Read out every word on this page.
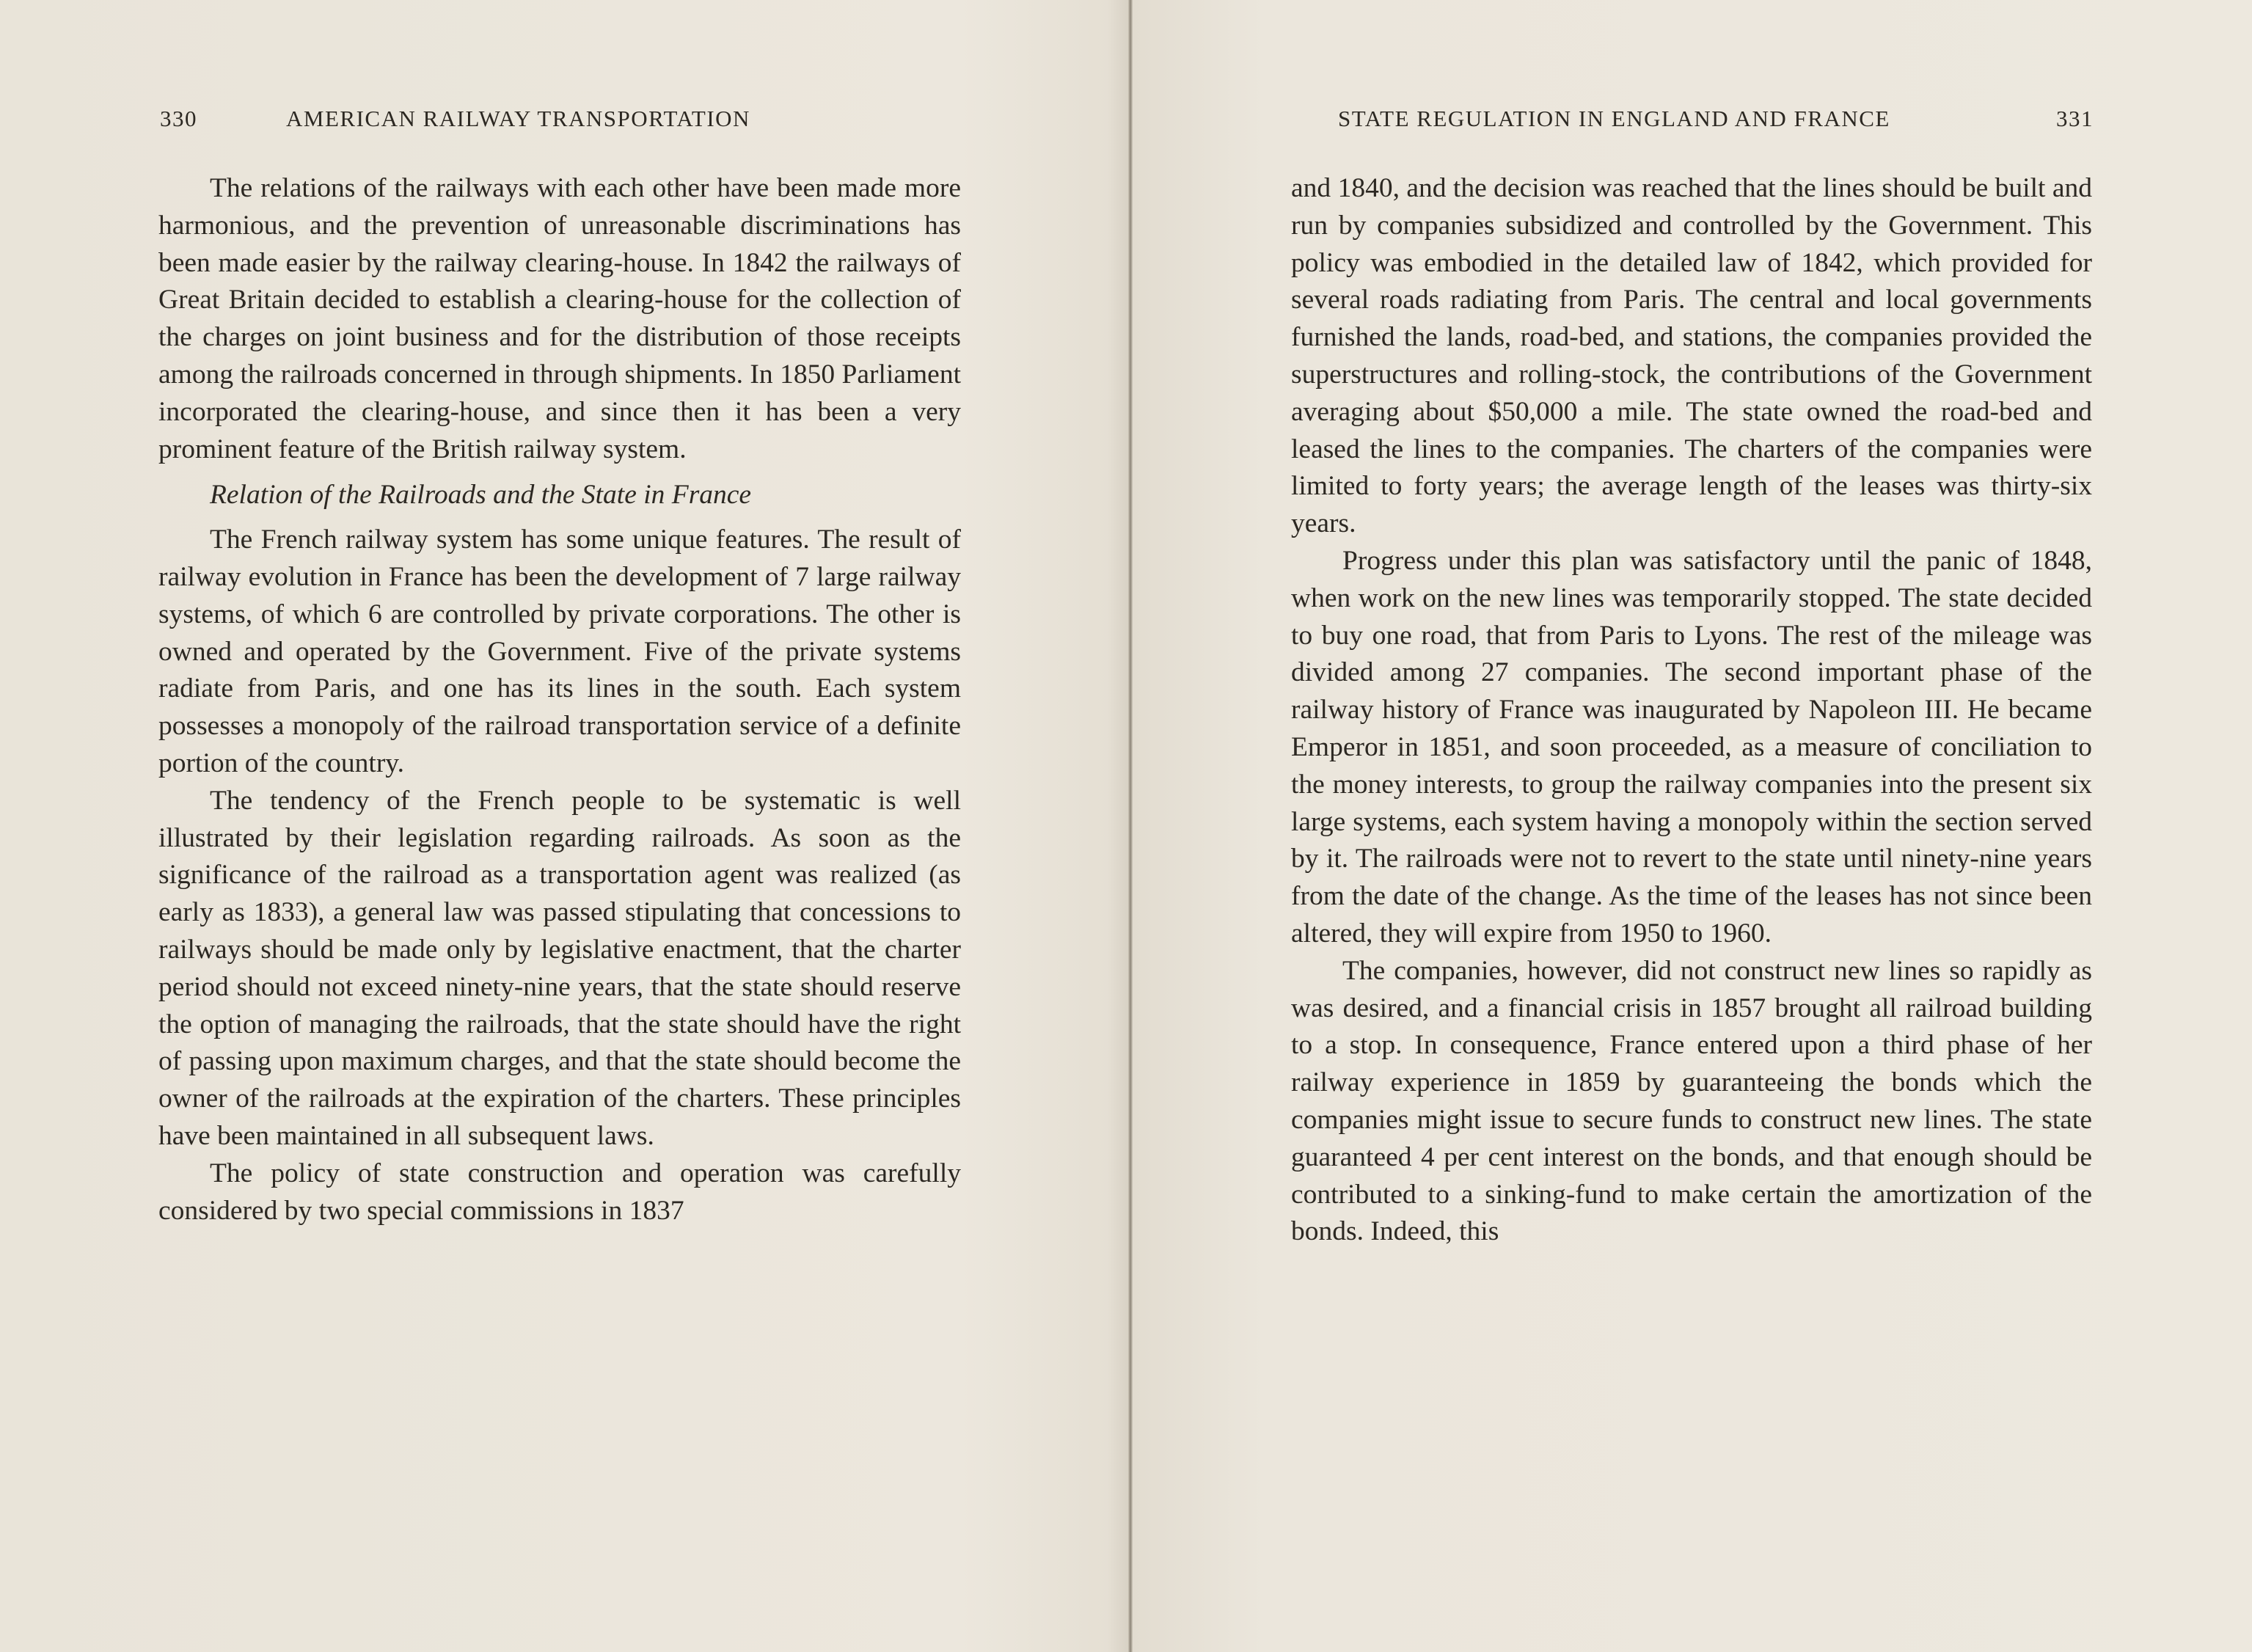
330	AMERICAN RAILWAY TRANSPORTATION	STATE REGULATION IN ENGLAND AND FRANCE	331

The relations of the railways with each other have been made more harmonious, and the prevention of unreasonable discriminations has been made easier by the railway clearing-house. In 1842 the railways of Great Britain decided to establish a clearing-house for the collection of the charges on joint business and for the distribution of those receipts among the railroads concerned in through shipments. In 1850 Parliament incorporated the clearing-house, and since then it has been a very prominent feature of the British railway system.

Relation of the Railroads and the State in France

The French railway system has some unique features. The result of railway evolution in France has been the development of 7 large railway systems, of which 6 are controlled by private corporations. The other is owned and operated by the Government. Five of the private systems radiate from Paris, and one has its lines in the south. Each system possesses a monopoly of the railroad transportation service of a definite portion of the country.

The tendency of the French people to be systematic is well illustrated by their legislation regarding railroads. As soon as the significance of the railroad as a transportation agent was realized (as early as 1833), a general law was passed stipulating that concessions to railways should be made only by legislative enactment, that the charter period should not exceed ninety-nine years, that the state should reserve the option of managing the railroads, that the state should have the right of passing upon maximum charges, and that the state should become the owner of the railroads at the expiration of the charters. These principles have been maintained in all subsequent laws.

The policy of state construction and operation was carefully considered by two special commissions in 1837

and 1840, and the decision was reached that the lines should be built and run by companies subsidized and controlled by the Government. This policy was embodied in the detailed law of 1842, which provided for several roads radiating from Paris. The central and local governments furnished the lands, road-bed, and stations, the companies provided the superstructures and rolling-stock, the contributions of the Government averaging about $50,000 a mile. The state owned the road-bed and leased the lines to the companies. The charters of the companies were limited to forty years; the average length of the leases was thirty-six years.

Progress under this plan was satisfactory until the panic of 1848, when work on the new lines was temporarily stopped. The state decided to buy one road, that from Paris to Lyons. The rest of the mileage was divided among 27 companies. The second important phase of the railway history of France was inaugurated by Napoleon III. He became Emperor in 1851, and soon proceeded, as a measure of conciliation to the money interests, to group the railway companies into the present six large systems, each system having a monopoly within the section served by it. The railroads were not to revert to the state until ninety-nine years from the date of the change. As the time of the leases has not since been altered, they will expire from 1950 to 1960.

The companies, however, did not construct new lines so rapidly as was desired, and a financial crisis in 1857 brought all railroad building to a stop. In consequence, France entered upon a third phase of her railway experience in 1859 by guaranteeing the bonds which the companies might issue to secure funds to construct new lines. The state guaranteed 4 per cent interest on the bonds, and that enough should be contributed to a sinking-fund to make certain the amortization of the bonds. Indeed, this
